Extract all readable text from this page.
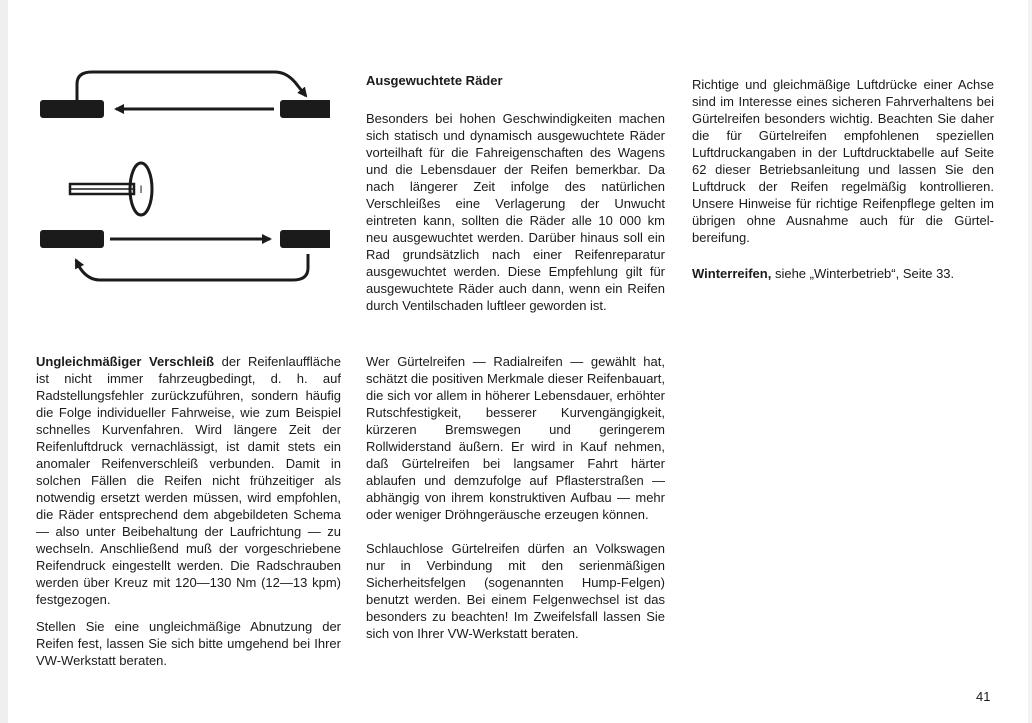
I
Ausgewuchtete Räder

Besonders bei hohen Geschwindigkeiten machen sich statisch und dynamisch ausgewuchtete Räder vorteilhaft für die Fahreigenschaften des Wagens und die Lebensdauer der Reifen bemerkbar. Da nach längerer Zeit infolge des natürlichen Verschleißes eine Verlagerung der Unwucht eintreten kann, sollten die Räder alle 10 000 km neu ausgewuchtet werden. Darüber hinaus soll ein Rad grundsätzlich nach einer Reifenreparatur ausgewuchtet werden. Diese Empfehlung gilt für ausgewuchtete Räder auch dann, wenn ein Reifen durch Ventilschaden luftleer geworden ist.

Richtige und gleichmäßige Luftdrücke einer Achse sind im Interesse eines sicheren Fahrverhaltens bei Gürtelreifen besonders wichtig. Beachten Sie daher die für Gürtelreifen empfohlenen speziellen Luftdruckangaben in der Luftdrucktabelle auf Seite 62 dieser Betriebsanleitung und lassen Sie den Luftdruck der Reifen regelmäßig kontrollieren. Unsere Hinweise für richtige Reifenpflege gelten im übrigen ohne Ausnahme auch für die Gürtelbereifung.

Winterreifen, siehe „Winterbetrieb“, Seite 33.

Ungleichmäßiger Verschleiß der Reifenlauffläche ist nicht immer fahrzeugbedingt, d. h. auf Radstellungsfehler zurückzuführen, sondern häufig die Folge individueller Fahrweise, wie zum Beispiel schnelles Kurvenfahren. Wird längere Zeit der Reifenluftdruck vernachlässigt, ist damit stets ein anomaler Reifenverschleiß verbunden. Damit in solchen Fällen die Reifen nicht frühzeitiger als notwendig ersetzt werden müssen, wird empfohlen, die Räder entsprechend dem abgebildeten Schema — also unter Beibehaltung der Laufrichtung — zu wechseln. Anschließend muß der vorgeschriebene Reifendruck eingestellt werden. Die Radschrauben werden über Kreuz mit 120—130 Nm (12—13 kpm) festgezogen.

Stellen Sie eine ungleichmäßige Abnutzung der Reifen fest, lassen Sie sich bitte umgehend bei Ihrer VW-Werkstatt beraten.

Wer Gürtelreifen — Radialreifen — gewählt hat, schätzt die positiven Merkmale dieser Reifenbauart, die sich vor allem in höherer Lebensdauer, erhöhter Rutschfestigkeit, besserer Kurvengängigkeit, kürzeren Bremswegen und geringerem Rollwiderstand äußern. Er wird in Kauf nehmen, daß Gürtelreifen bei langsamer Fahrt härter ablaufen und demzufolge auf Pflasterstraßen — abhängig von ihrem konstruktiven Aufbau — mehr oder weniger Dröhngeräusche erzeugen können.

Schlauchlose Gürtelreifen dürfen an Volkswagen nur in Verbindung mit den serienmäßigen Sicherheitsfelgen (sogenannten Hump-Felgen) benutzt werden. Bei einem Felgenwechsel ist das besonders zu beachten! Im Zweifelsfall lassen Sie sich von Ihrer VW-Werkstatt beraten.

41
